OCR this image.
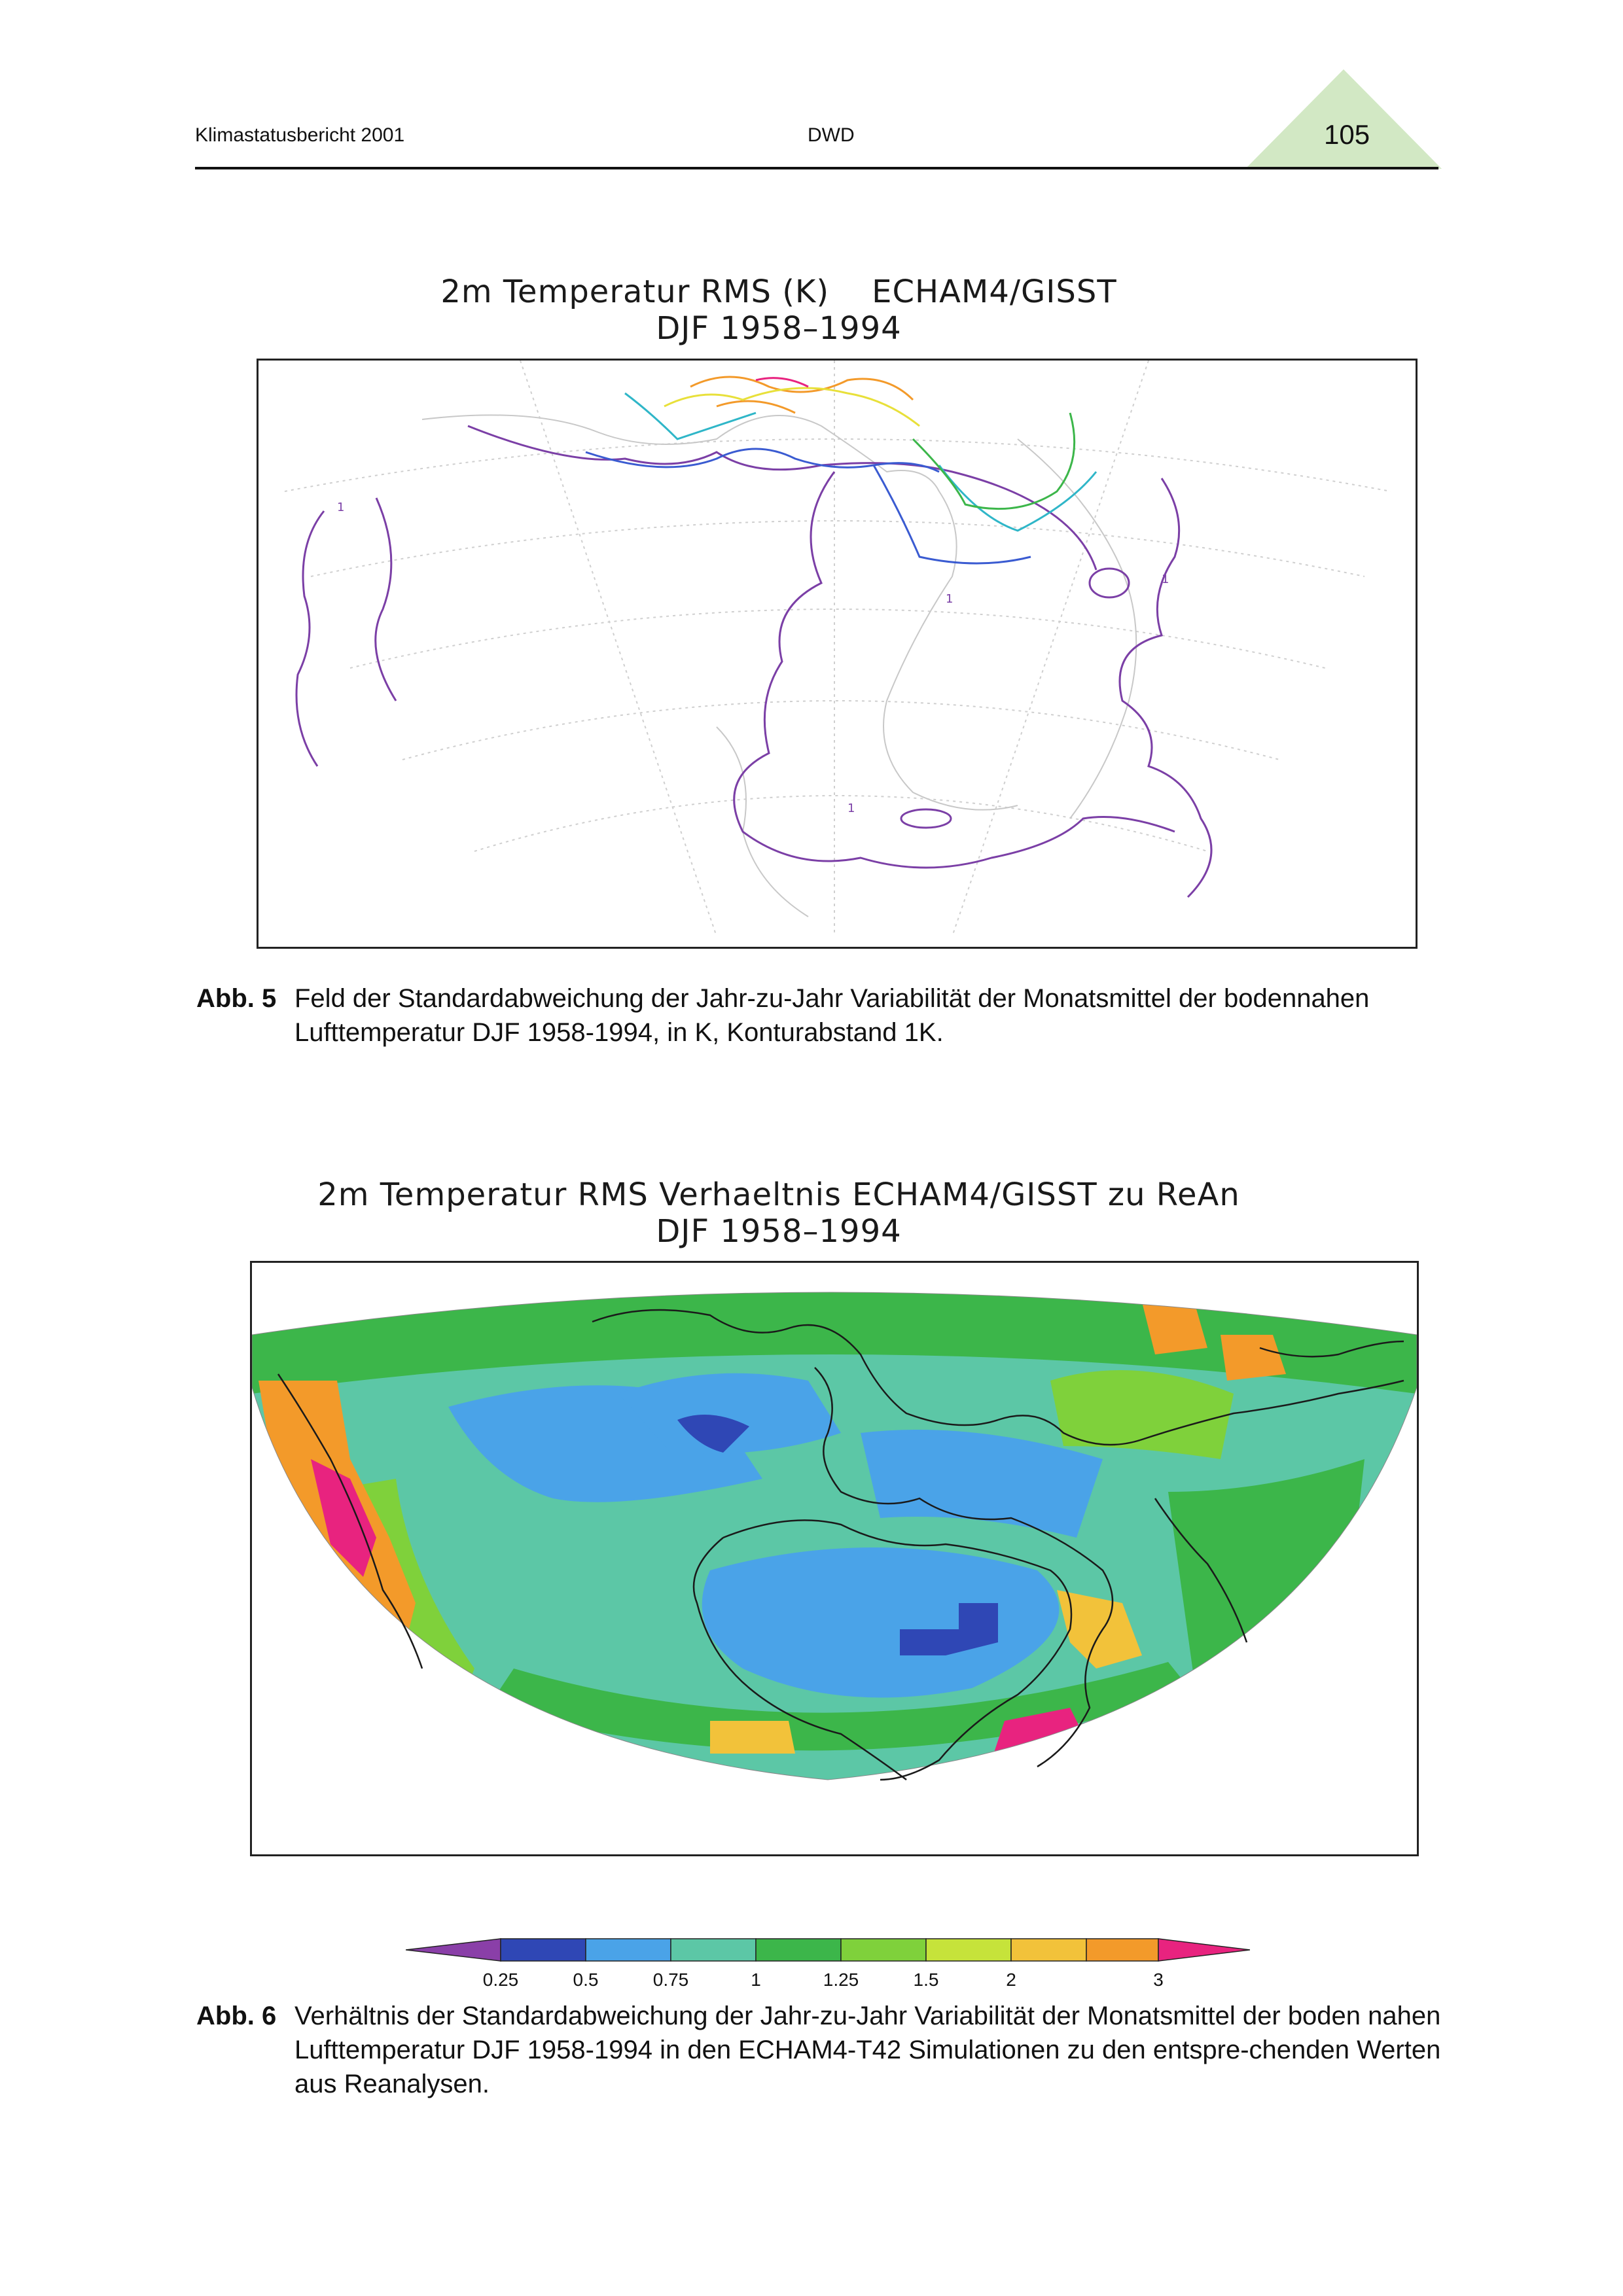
Klimastatusbericht 2001	DWD	105
2m Temperatur RMS (K)    ECHAM4/GISST
DJF 1958–1994
1
1
1
1
Abb. 5 Feld der Standardabweichung der Jahr-zu-Jahr Variabilität der Monatsmittel der bodennahen Lufttemperatur DJF 1958-1994, in K, Konturabstand 1K.
2m Temperatur RMS Verhaeltnis ECHAM4/GISST zu ReAn
DJF 1958–1994
0.25	0.5	0.75	1	1.25	1.5	2	3
Abb. 6 Verhältnis der Standardabweichung der Jahr-zu-Jahr Variabilität der Monatsmittel der boden nahen Lufttemperatur DJF 1958-1994 in den ECHAM4-T42 Simulationen zu den entspre-chenden Werten aus Reanalysen.
